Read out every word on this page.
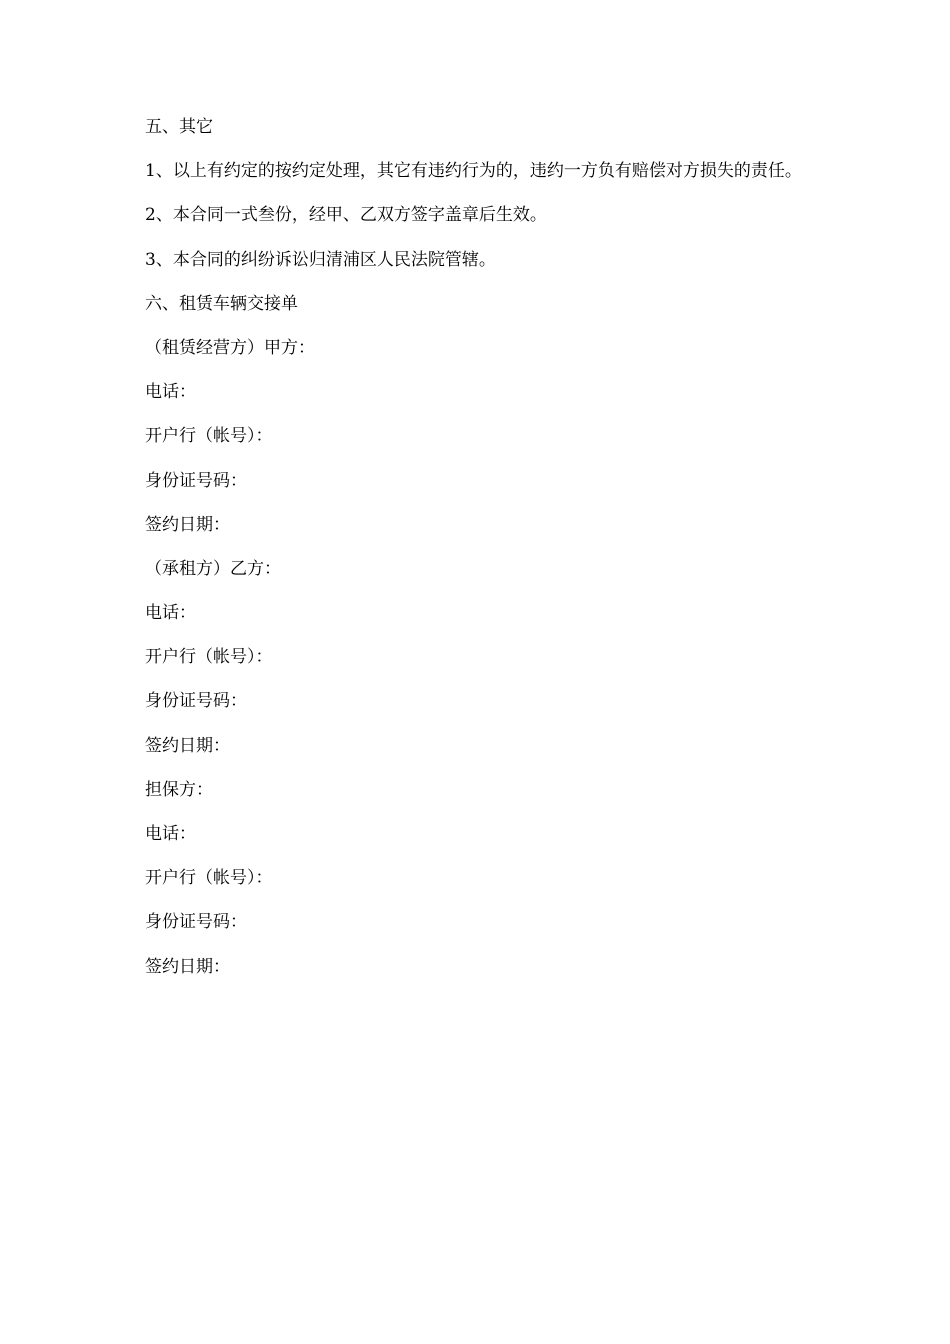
五、其它

1、以上有约定的按约定处理，其它有违约行为的，违约一方负有赔偿对方损失的责任。

2、本合同一式叁份，经甲、乙双方签字盖章后生效。

3、本合同的纠纷诉讼归清浦区人民法院管辖。

六、租赁车辆交接单

（租赁经营方）甲方：

电话：

开户行（帐号）：

身份证号码：

签约日期：

（承租方）乙方：

电话：

开户行（帐号）：

身份证号码：

签约日期：

担保方：

电话：

开户行（帐号）：

身份证号码：

签约日期：
